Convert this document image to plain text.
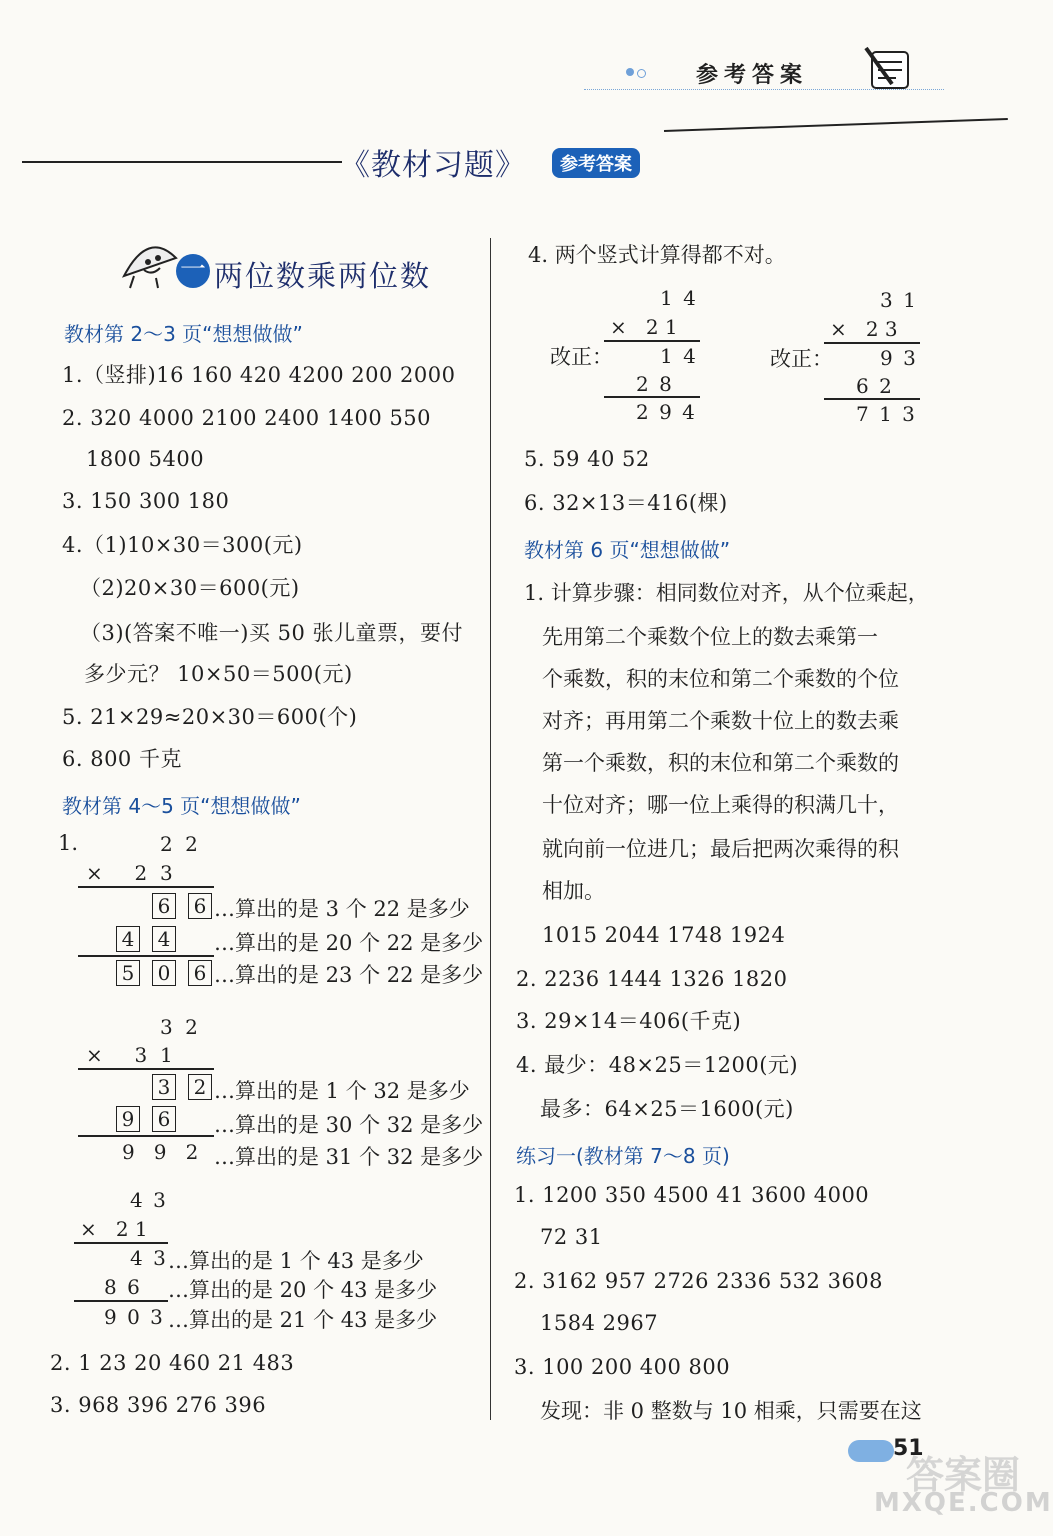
参考答案
《教材习题》	参考答案
一 两位数乘两位数
教材第 2～3 页“想想做做”
1.（竖排)16 160 420 4200 200 2000
2. 320 4000 2100 2400 1400 550
1800 5400
3. 150 300 180
4.（1)10×30＝300(元)
（2)20×30＝600(元)
（3)(答案不唯一)买 50 张儿童票，要付
多少元？ 10×50＝500(元)
5. 21×29≈20×30＝600(个)
6. 800 千克
教材第 4～5 页“想想做做”
1.	2 2
×     2  3
6 6 …算出的是 3 个 22 是多少
4 4 …算出的是 20 个 22 是多少
5 0 6 …算出的是 23 个 22 是多少
3 2
×     3  1
3 2 …算出的是 1 个 32 是多少
9 6 …算出的是 30 个 32 是多少
9   9   2 …算出的是 31 个 32 是多少
4 3
×   2 1
4 3 …算出的是 1 个 43 是多少
8 6 …算出的是 20 个 43 是多少
9 0 3 …算出的是 21 个 43 是多少
2. 1 23 20 460 21 483
3. 968 396 276 396
4. 两个竖式计算得都不对。
1 4
×   2 1
改正： 1 4
2 8
2 9 4
3 1
×   2 3
改正： 9 3
6 2
7 1 3
5. 59 40 52
6. 32×13＝416(棵)
教材第 6 页“想想做做”
1. 计算步骤：相同数位对齐，从个位乘起，
先用第二个乘数个位上的数去乘第一
个乘数，积的末位和第二个乘数的个位
对齐；再用第二个乘数十位上的数去乘
第一个乘数，积的末位和第二个乘数的
十位对齐；哪一位上乘得的积满几十，
就向前一位进几；最后把两次乘得的积
相加。
1015 2044 1748 1924
2. 2236 1444 1326 1820
3. 29×14＝406(千克)
4. 最少：48×25＝1200(元)
最多：64×25＝1600(元)
练习一(教材第 7～8 页)
1. 1200 350 4500 41 3600 4000
72 31
2. 3162 957 2726 2336 532 3608
1584 2967
3. 100 200 400 800
发现：非 0 整数与 10 相乘，只需要在这
51
答案圈
MXQE.COM
